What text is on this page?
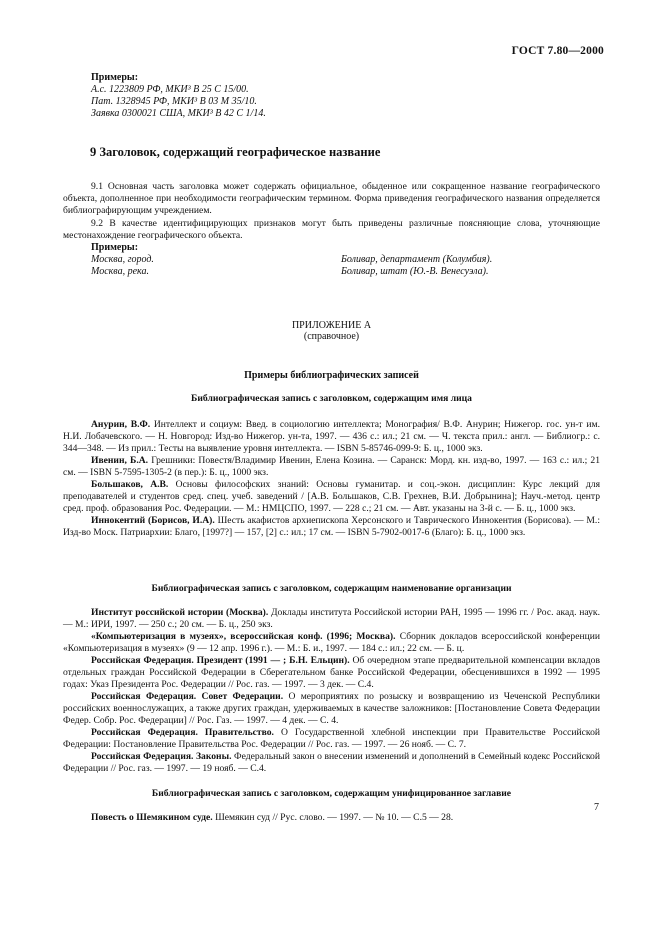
ГОСТ 7.80—2000

Примеры:

А.с. 1223809 РФ, МКИ³ В 25 С 15/00.

Пат. 1328945 РФ, МКИ³ В 03 М 35/10.

Заявка 0300021 США, МКИ³ В 42 С 1/14.

9 Заголовок, содержащий географическое название

9.1 Основная часть заголовка может содержать официальное, обыденное или сокращенное название географического объекта, дополненное при необходимости географическим термином. Форма приведения географического названия определяется библиографирующим учреждением.

9.2 В качестве идентифицирующих признаков могут быть приведены различные поясняющие слова, уточняющие местонахождение географического объекта.

Примеры:

Москва, город.	Боливар, департамент (Колумбия).
Москва, река.	Боливар, штат (Ю.-В. Венесуэла).
ПРИЛОЖЕНИЕ А
(справочное)

Примеры библиографических записей

Библиографическая запись с заголовком, содержащим имя лица

Анурин, В.Ф. Интеллект и социум: Введ. в социологию интеллекта; Монография/ В.Ф. Анурин; Нижегор. гос. ун-т им. Н.И. Лобачевского. — Н. Новгород: Изд-во Нижегор. ун-та, 1997. — 436 с.: ил.; 21 см. — Ч. текста прил.: англ. — Библиогр.: с. 344—348. — Из прил.: Тесты на выявление уровня интеллекта. — ISBN 5-85746-099-9: Б. ц., 1000 экз.

Ивенин, Б.А. Грешники: Повестя/Владимир Ивенин, Елена Козина. — Саранск: Морд. кн. изд-во, 1997. — 163 с.: ил.; 21 см. — ISBN 5-7595-1305-2 (в пер.): Б. ц., 1000 экз.

Большаков, А.В. Основы философских знаний: Основы гуманитар. и соц.-экон. дисциплин: Курс лекций для преподавателей и студентов сред. спец. учеб. заведений / [А.В. Большаков, С.В. Грехнев, В.И. Добрынина]; Науч.-метод. центр сред. проф. образования Рос. Федерации. — М.: НМЦСПО, 1997. — 228 с.; 21 см. — Авт. указаны на 3-й с. — Б. ц., 1000 экз.

Иннокентий (Борисов, И.А). Шесть акафистов архиепископа Херсонского и Таврического Иннокентия (Борисова). — М.: Изд-во Моск. Патриархии: Благо, [1997?] — 157, [2] с.: ил.; 17 см. — ISBN 5-7902-0017-6 (Благо): Б. ц., 1000 экз.

Библиографическая запись с заголовком, содержащим наименование организации

Институт российской истории (Москва). Доклады института Российской истории РАН, 1995 — 1996 гг. / Рос. акад. наук. — М.: ИРИ, 1997. — 250 с.; 20 см. — Б. ц., 250 экз.

«Компьютеризация в музеях», всероссийская конф. (1996; Москва). Сборник докладов всероссийской конференции «Компьютеризация в музеях» (9 — 12 апр. 1996 г.). — М.: Б. и., 1997. — 184 с.: ил.; 22 см. — Б. ц.

Российская Федерация. Президент (1991 — ; Б.Н. Ельцин). Об очередном этапе предварительной компенсации вкладов отдельных граждан Российской Федерации в Сберегательном банке Российской Федерации, обесценившихся в 1992 — 1995 годах: Указ Президента Рос. Федерации // Рос. газ. — 1997. — 3 дек. — С.4.

Российская Федерация. Совет Федерации. О мероприятиях по розыску и возвращению из Чеченской Республики российских военнослужащих, а также других граждан, удерживаемых в качестве заложников: [Постановление Совета Федерации Федер. Собр. Рос. Федерации] // Рос. Газ. — 1997. — 4 дек. — С. 4.

Российская Федерация. Правительство. О Государственной хлебной инспекции при Правительстве Российской Федерации: Постановление Правительства Рос. Федерации // Рос. газ. — 1997. — 26 нояб. — С. 7.

Российская Федерация. Законы. Федеральный закон о внесении изменений и дополнений в Семейный кодекс Российской Федерации // Рос. газ. — 1997. — 19 нояб. — С.4.

Библиографическая запись с заголовком, содержащим унифицированное заглавие

Повесть о Шемякином суде. Шемякин суд // Рус. слово. — 1997. — № 10. — С.5 — 28.

7
